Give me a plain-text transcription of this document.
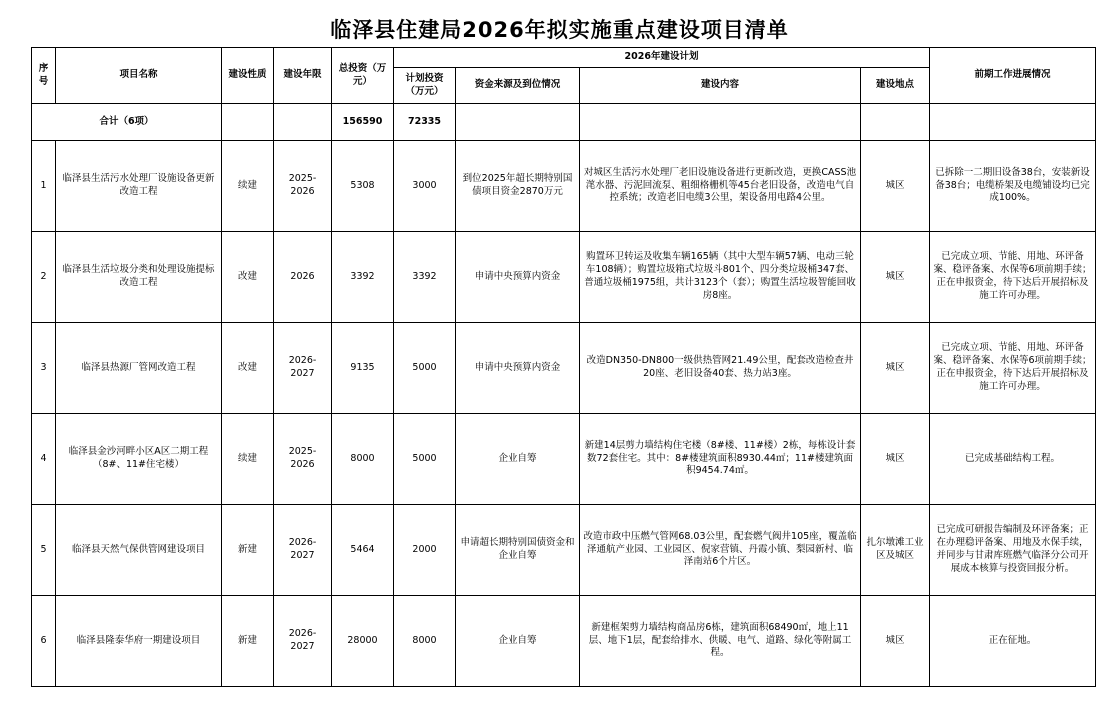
临泽县住建局2026年拟实施重点建设项目清单
序号	项目名称	建设性质	建设年限	总投资（万元）	2026年建设计划				前期工作进展情况
					计划投资（万元）	资金来源及到位情况	建设内容	建设地点	
合计（6项）				156590	72335				
1	临泽县生活污水处理厂设施设备更新改造工程	续建	2025-2026	5308	3000	到位2025年超长期特别国债项目资金2870万元	对城区生活污水处理厂老旧设施设备进行更新改造，更换CASS池滗水器、污泥回流泵、粗细格栅机等45台老旧设备，改造电气自控系统；改造老旧电缆3公里，架设备用电路4公里。	城区	已拆除一二期旧设备38台，安装新设备38台；电缆桥架及电缆铺设均已完成100%。
2	临泽县生活垃圾分类和处理设施提标改造工程	改建	2026	3392	3392	申请中央预算内资金	购置环卫转运及收集车辆165辆（其中大型车辆57辆、电动三轮车108辆）；购置垃圾箱式垃圾斗801个、四分类垃圾桶347套、普通垃圾桶1975组，共计3123个（套）；购置生活垃圾智能回收房8座。	城区	已完成立项、节能、用地、环评备案、稳评备案、水保等6项前期手续；正在申报资金，待下达后开展招标及施工许可办理。
3	临泽县热源厂管网改造工程	改建	2026-2027	9135	5000	申请中央预算内资金	改造DN350-DN800一级供热管网21.49公里，配套改造检查井20座、老旧设备40套、热力站3座。	城区	已完成立项、节能、用地、环评备案、稳评备案、水保等6项前期手续；正在申报资金，待下达后开展招标及施工许可办理。
4	临泽县金沙河畔小区A区二期工程（8#、11#住宅楼）	续建	2025-2026	8000	5000	企业自筹	新建14层剪力墙结构住宅楼（8#楼、11#楼）2栋，每栋设计套数72套住宅。其中：8#楼建筑面积8930.44㎡；11#楼建筑面积9454.74㎡。	城区	已完成基础结构工程。
5	临泽县天然气保供管网建设项目	新建	2026-2027	5464	2000	申请超长期特别国债资金和企业自筹	改造市政中压燃气管网68.03公里，配套燃气阀井105座，覆盖临泽通航产业园、工业园区、倪家营镇、丹霞小镇、梨园新村、临泽南站6个片区。	扎尔墩滩工业区及城区	已完成可研报告编制及环评备案；正在办理稳评备案、用地及水保手续，并同步与甘肃库班燃气临泽分公司开展成本核算与投资回报分析。
6	临泽县隆泰华府一期建设项目	新建	2026-2027	28000	8000	企业自筹	新建框架剪力墙结构商品房6栋，建筑面积68490㎡，地上11层、地下1层，配套给排水、供暖、电气、道路、绿化等附属工程。	城区	正在征地。
